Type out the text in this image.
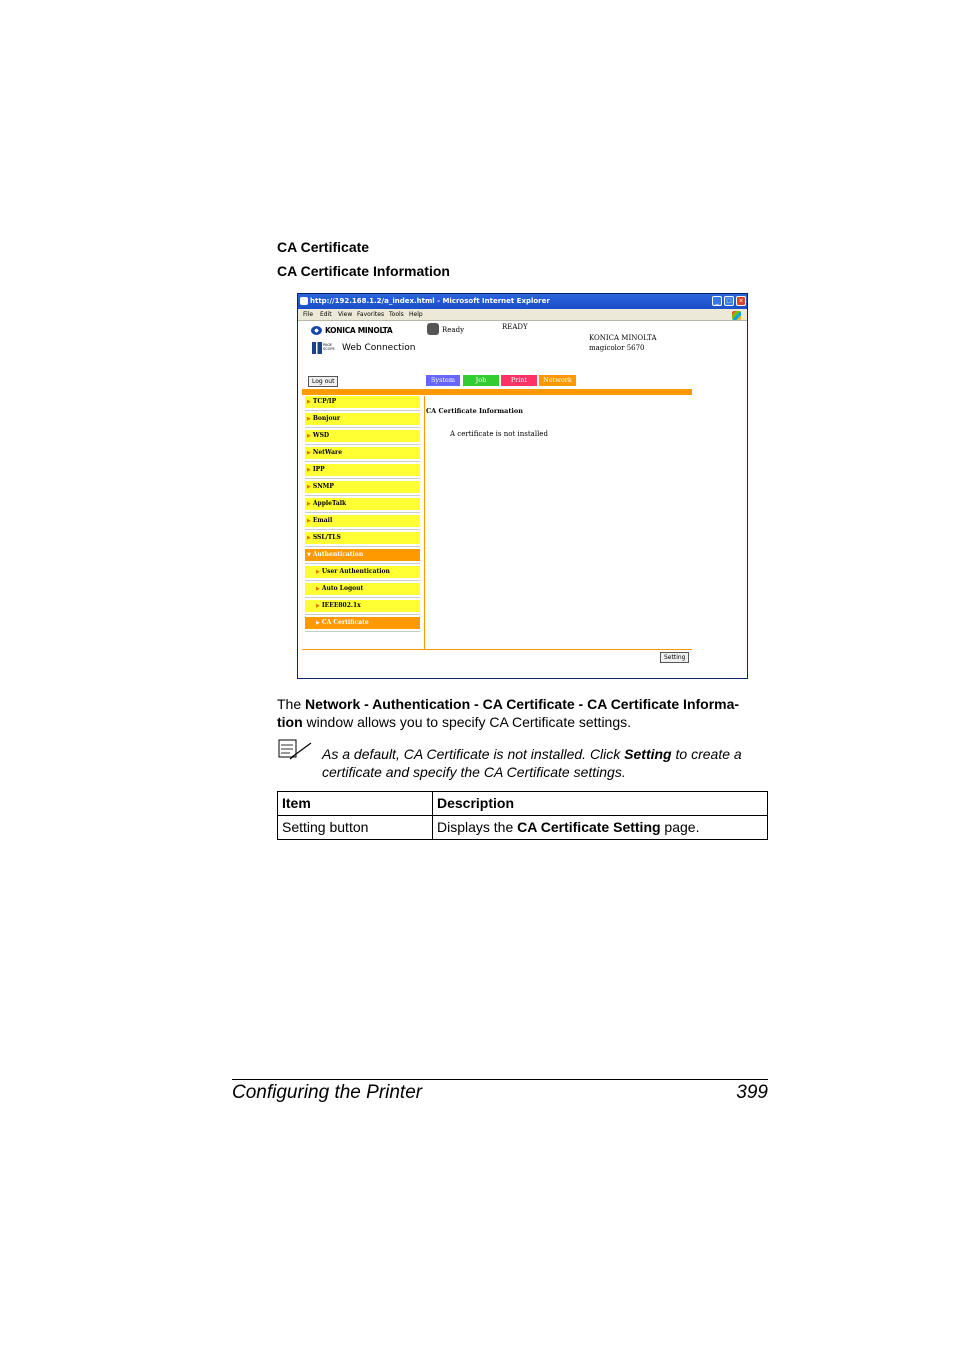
CA Certificate
CA Certificate Information
http://192.168.1.2/a_index.html - Microsoft Internet Explorer	_	□	×
File Edit View Favorites Tools Help
KONICA MINOLTA
PAGE SCOPE Web Connection
Ready	READY
KONICA MINOLTA
magicolor 5670
Log out	System	Job	Print	Network
▶ TCP/IP
▶ Bonjour
▶ WSD
▶ NetWare
▶ IPP
▶ SNMP
▶ AppleTalk
▶ Email
▶ SSL/TLS
▼ Authentication
▶ User Authentication
▶ Auto Logout
▶ IEEE802.1x
▶ CA Certificate
CA Certificate Information
A certificate is not installed
Setting
The Network - Authentication - CA Certificate - CA Certificate Informa-
tion window allows you to specify CA Certificate settings.
As a default, CA Certificate is not installed. Click Setting to create a
certificate and specify the CA Certificate settings.
Item	Description
Setting button	Displays the CA Certificate Setting page.
Configuring the Printer	399
